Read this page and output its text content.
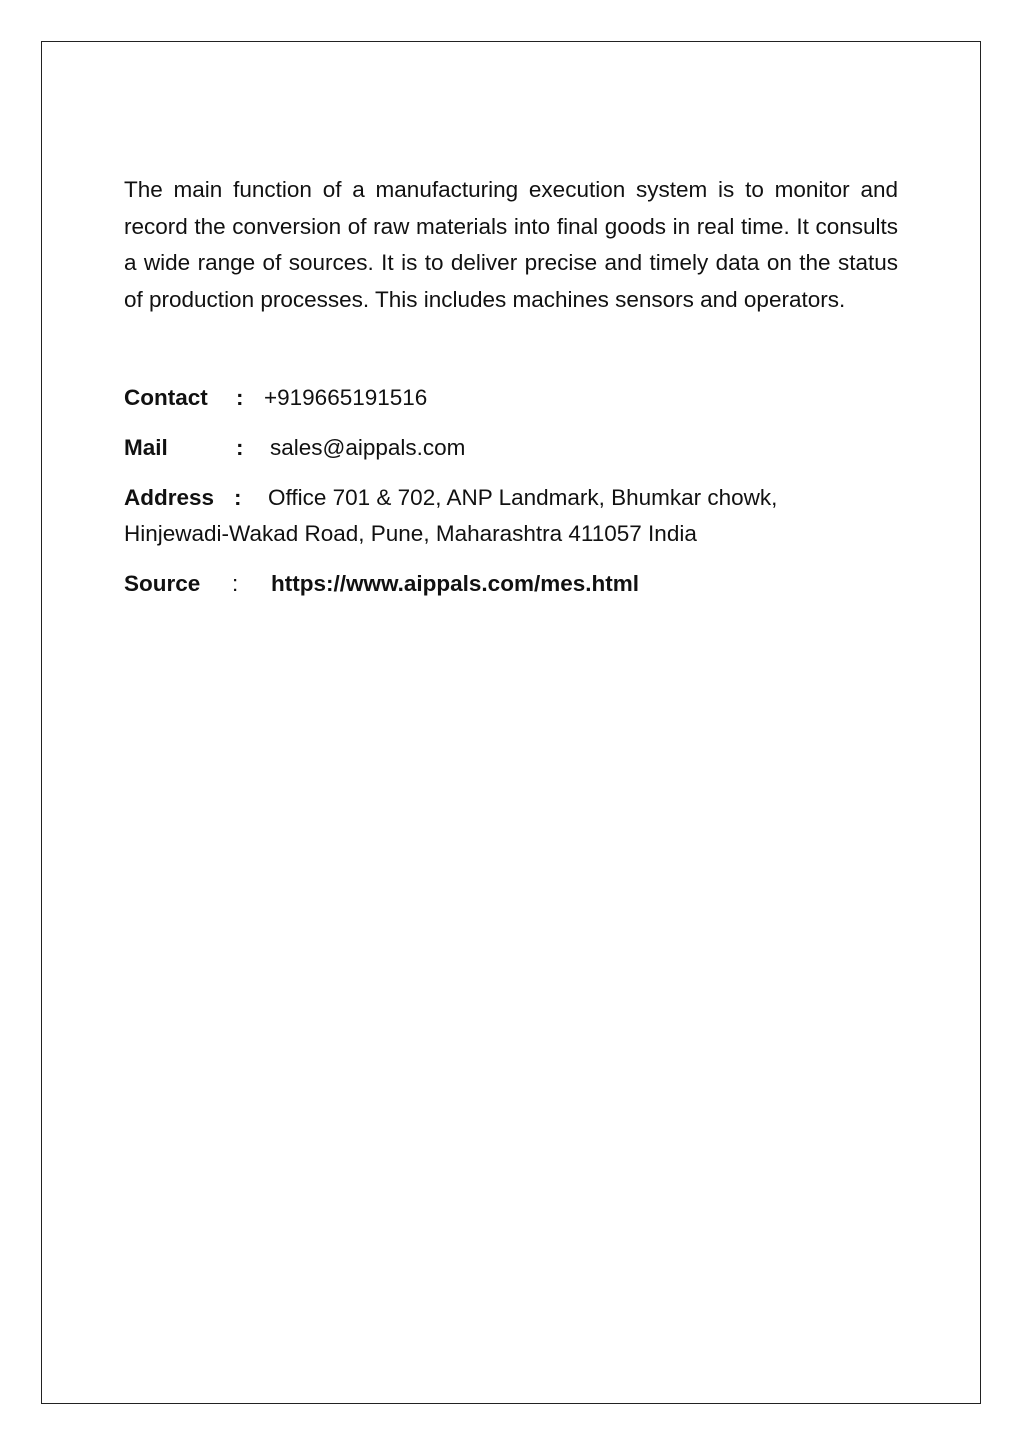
The main function of a manufacturing execution system is to monitor and record the conversion of raw materials into final goods in real time. It consults a wide range of sources. It is to deliver precise and timely data on the status of production processes. This includes machines sensors and operators.

Contact : +919665191516
Mail	: sales@aippals.com
Address : Office 701 & 702, ANP Landmark, Bhumkar chowk,
Hinjewadi-Wakad Road, Pune, Maharashtra 411057 India
Source : https://www.aippals.com/mes.html
